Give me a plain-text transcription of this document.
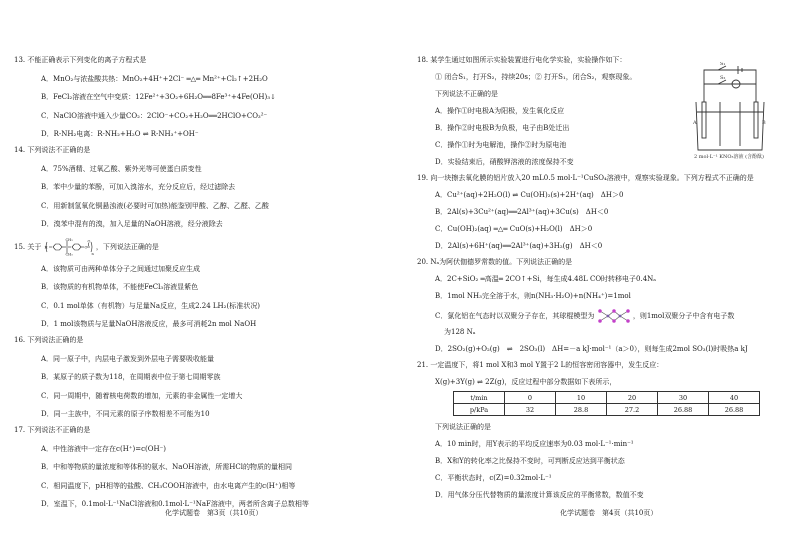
13. 不能正确表示下列变化的离子方程式是
A．MnO₂与浓盐酸共热：MnO₂+4H⁺+2Cl⁻ ═△═ Mn²⁺+Cl₂↑+2H₂O
B．FeCl₂溶液在空气中变质：12Fe²⁺+3O₂+6H₂O══8Fe³⁺+4Fe(OH)₃↓
C．NaClO溶液中通入少量CO₂：2ClO⁻+CO₂+H₂O══2HClO+CO₃²⁻
D．R-NH₂电离：R-NH₂+H₂O ⇌ R-NH₃⁺+OH⁻
14. 下列说法不正确的是
A．75%酒精、过氧乙酸、紫外光等可使蛋白质变性
B．苯中少量的苯酚，可加入溴溶水，充分反应后，经过滤除去
C．用新制氢氧化铜悬浊液(必要时可加热)能鉴别甲酸、乙醇、乙醛、乙酸
D．溴苯中混有的溴，加入足量的NaOH溶液，经分液除去
15. 关于 H
CH₃
CH₃
O
O
n
，下列说法正确的是
A．该物质可由两种单体分子之间通过加聚反应生成
B．该物质的有机物单体，不能使FeCl₃溶液显紫色
C．0.1 mol单体（有机物）与足量Na反应，生成2.24 LH₂(标准状况)
D．1 mol该物质与足量NaOH溶液反应，最多可消耗2n mol NaOH
16. 下列说法正确的是
A．同一原子中，内层电子激发到外层电子需要吸收能量
B．某原子的质子数为118，在周期表中位于第七周期零族
C．同一周期中，随着核电荷数的增加，元素的非金属性一定增大
D．同一主族中，不同元素的原子序数相差不可能为10
17. 下列说法不正确的是
A．中性溶液中一定存在c(H⁺)=c(OH⁻)
B．中和等物质的量浓度和等体积的氨水、NaOH溶液，所需HCl的物质的量相同
C．相同温度下，pH相等的盐酸、CH₃COOH溶液中，由水电离产生的c(H⁺)相等
D．室温下，0.1mol·L⁻¹NaCl溶液和0.1mol·L⁻¹NaF溶液中，两者所含离子总数相等
化学试题卷　第3页（共10页）
18. 某学生通过如图所示实验装置进行电化学实验，实验操作如下：
① 闭合S₁，打开S₂，持续20s；② 打开S₁，闭合S₂，观察现象。
下列说法不正确的是
A．操作①时电极A为阳极，发生氧化反应
B．操作②时电极B为负极，电子由B处迁出
C．操作①时为电解池，操作②时为原电池
D．实验结束后，硝酸钾溶液的浓度保持不变
19. 向一块擦去氧化膜的铝片放入20 mL0.5 mol·L⁻¹CuSO₄溶液中，观察实验现象。下列方程式不正确的是
A．Cu²⁺(aq)+2H₂O(l) ⇌ Cu(OH)₂(s)+2H⁺(aq)　ΔH＞0
B．2Al(s)+3Cu²⁺(aq)══2Al³⁺(aq)+3Cu(s)　ΔH＜0
C．Cu(OH)₂(aq) ═△═ CuO(s)+H₂O(l)　ΔH＞0
D．2Al(s)+6H⁺(aq)══2Al³⁺(aq)+3H₂(g)　ΔH＜0
20. Nₐ为阿伏伽德罗常数的值。下列说法正确的是
A．2C+SiO₂ ═高温═ 2CO↑+Si，每生成4.48L CO时转移电子0.4Nₐ
B．1mol NH₃完全溶于水，则n(NH₃·H₂O)+n(NH₄⁺)=1mol
C．氯化铝在气态时以双聚分子存在，其球棍模型为	，则1mol双聚分子中含有电子数
为128 Nₐ
D．2SO₂(g)+O₂(g)　⇌　2SO₃(l)　ΔH=－a kJ·mol⁻¹（a＞0），则每生成2mol SO₃(l)时吸热a kJ
21. 一定温度下，将1 mol X和3 mol Y置于2 L的恒容密闭容器中，发生反应：
X(g)+3Y(g) ⇌ 2Z(g)，反应过程中部分数据如下表所示，
t/min	0	10	20	30	40
p/kPa	32	28.8	27.2	26.88	26.88
下列说法正确的是
A．10 min时，用Y表示的平均反应速率为0.03 mol·L⁻¹·min⁻¹
B．X和Y的转化率之比保持不变时，可判断反应达到平衡状态
C．平衡状态时，c(Z)=0.32mol·L⁻¹
D．用气体分压代替物质的量浓度计算该反应的平衡常数，数值不变
化学试题卷　第4页（共10页）
S₁
S₂
A	B
2 mol·L⁻¹ KNO₃溶液 (含酚酞)
